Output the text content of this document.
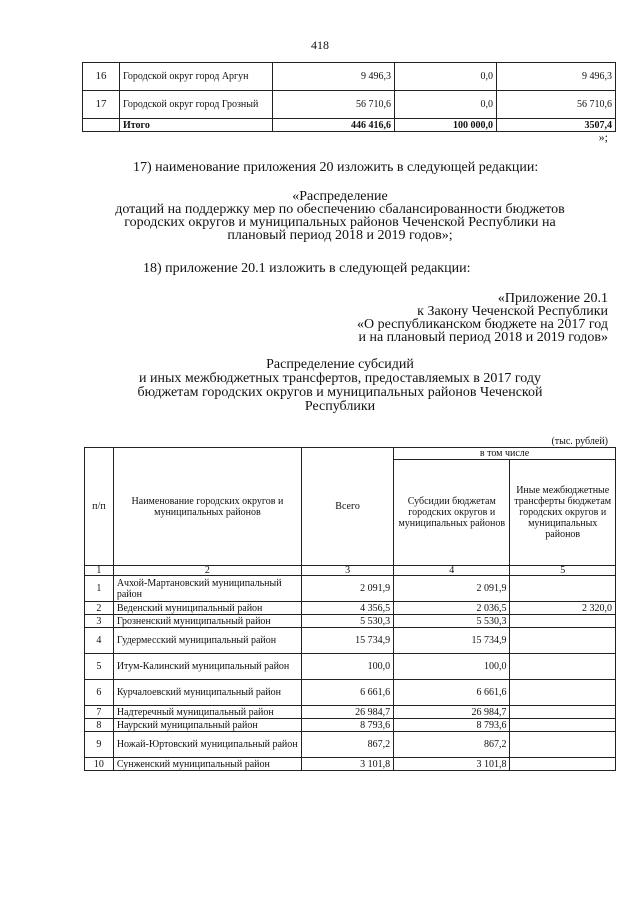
418
16	Городской округ город Аргун	9 496,3	0,0	9 496,3
17	Городской округ город Грозный	56 710,6	0,0	56 710,6
	Итого	446 416,6	100 000,0	3507,4
»;
17) наименование приложения 20 изложить в следующей редакции:
«Распределение
дотаций на поддержку мер по обеспечению сбалансированности бюджетов
городских округов и муниципальных районов Чеченской Республики на
плановый период 2018 и 2019 годов»;
18) приложение 20.1 изложить в следующей редакции:
«Приложение 20.1
к Закону Чеченской Республики
«О республиканском бюджете на 2017 год
и на плановый период 2018 и 2019 годов»
Распределение субсидий
и иных межбюджетных трансфертов, предоставляемых в 2017 году
бюджетам городских округов и муниципальных районов Чеченской
Республики
(тыс. рублей)
п/п	Наименование городских округов и муниципальных районов	Всего	в том числе	
			Субсидии бюджетам городских округов и муниципальных районов	Иные межбюджетные трансферты бюджетам городских округов и муниципальных районов
1	2	3	4	5
1	Ачхой-Мартановский муниципальный район	2 091,9	2 091,9	
2	Веденский муниципальный район	4 356,5	2 036,5	2 320,0
3	Грозненский муниципальный район	5 530,3	5 530,3	
4	Гудермесский муниципальный район	15 734,9	15 734,9	
5	Итум-Калинский муниципальный район	100,0	100,0	
6	Курчалоевский муниципальный район	6 661,6	6 661,6	
7	Надтеречный муниципальный район	26 984,7	26 984,7	
8	Наурский муниципальный район	8 793,6	8 793,6	
9	Ножай-Юртовский муниципальный район	867,2	867,2	
10	Сунженский муниципальный район	3 101,8	3 101,8	
